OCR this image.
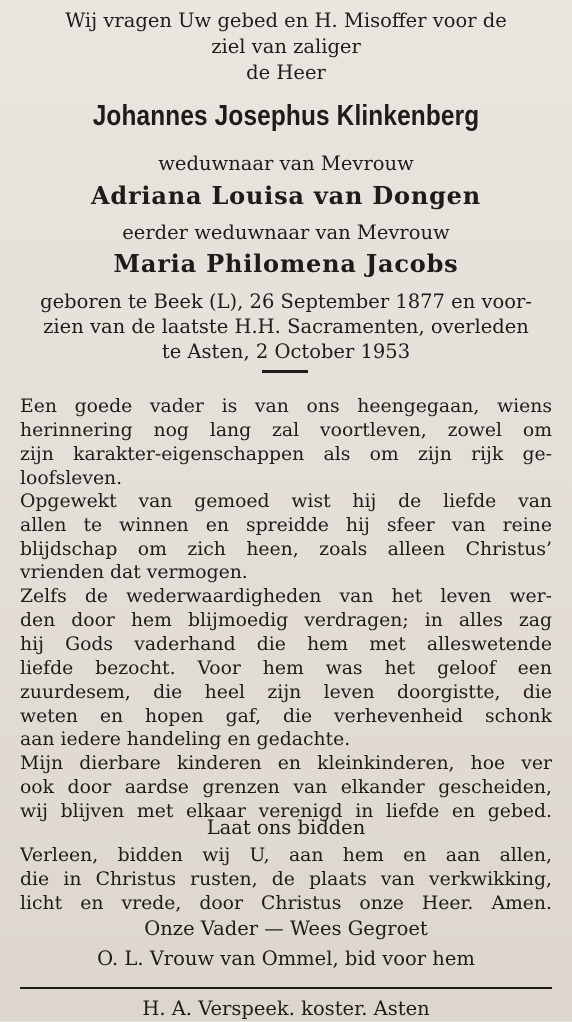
Wij vragen Uw gebed en H. Misoffer voor de
ziel van zaliger
de Heer
Johannes Josephus Klinkenberg
weduwnaar van Mevrouw
Adriana Louisa van Dongen
eerder weduwnaar van Mevrouw
Maria Philomena Jacobs
geboren te Beek (L), 26 September 1877 en voor-
zien van de laatste H.H. Sacramenten, overleden
te Asten, 2 October 1953
Een goede vader is van ons heengegaan, wiens
herinnering nog lang zal voortleven, zowel om
zijn karakter-eigenschappen als om zijn rijk ge-
loofsleven.
Opgewekt van gemoed wist hij de liefde van
allen te winnen en spreidde hij sfeer van reine
blijdschap om zich heen, zoals alleen Christus’
vrienden dat vermogen.
Zelfs de wederwaardigheden van het leven wer-
den door hem blijmoedig verdragen; in alles zag
hij Gods vaderhand die hem met alleswetende
liefde bezocht. Voor hem was het geloof een
zuurdesem, die heel zijn leven doorgistte, die
weten en hopen gaf, die verhevenheid schonk
aan iedere handeling en gedachte.
Mijn dierbare kinderen en kleinkinderen, hoe ver
ook door aardse grenzen van elkander gescheiden,
wij blijven met elkaar verenigd in liefde en gebed.
Laat ons bidden
Verleen, bidden wij U, aan hem en aan allen,
die in Christus rusten, de plaats van verkwikking,
licht en vrede, door Christus onze Heer. Amen.
Onze Vader — Wees Gegroet
O. L. Vrouw van Ommel, bid voor hem
H. A. Verspeek. koster. Asten
